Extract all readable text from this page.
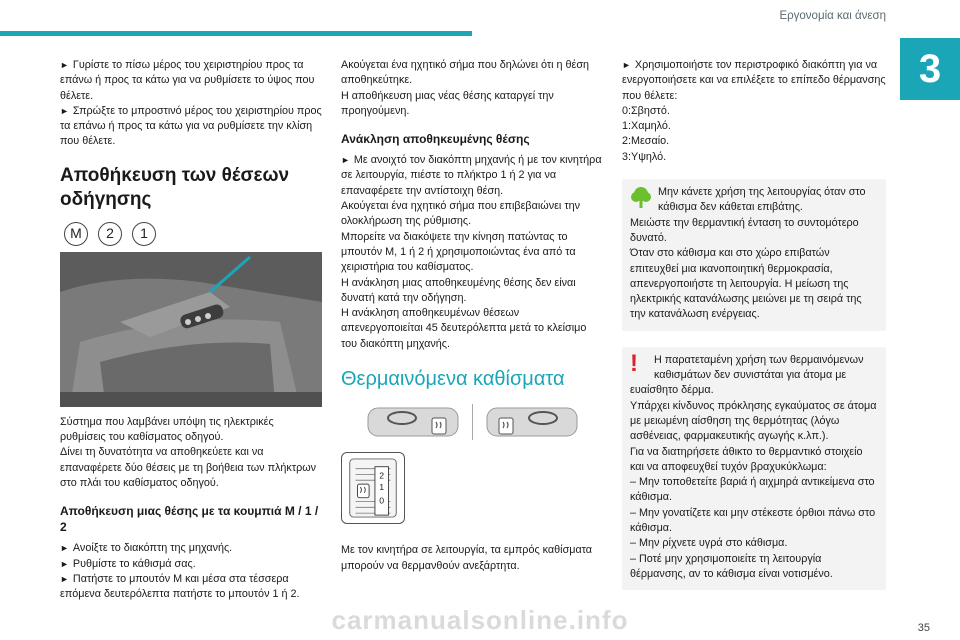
Εργονομία και άνεση
3

► Γυρίστε το πίσω μέρος του χειριστηρίου προς τα επάνω ή προς τα κάτω για να ρυθμίσετε το ύψος που θέλετε.

► Σπρώξτε το μπροστινό μέρος του χειριστηρίου προς τα επάνω ή προς τα κάτω για να ρυθμίσετε την κλίση που θέλετε.

Αποθήκευση των θέσεων οδήγησης
M	2	1

Σύστημα που λαμβάνει υπόψη τις ηλεκτρικές ρυθμίσεις του καθίσματος οδηγού.

Δίνει τη δυνατότητα να αποθηκεύετε και να επαναφέρετε δύο θέσεις με τη βοήθεια των πλήκτρων στο πλάι του καθίσματος οδηγού.

Αποθήκευση μιας θέσης με τα κουμπιά M / 1 / 2

► Ανοίξτε το διακόπτη της μηχανής.

► Ρυθμίστε το κάθισμά σας.

► Πατήστε το μπουτόν M και μέσα στα τέσσερα επόμενα δευτερόλεπτα πατήστε το μπουτόν 1 ή 2.

Ακούγεται ένα ηχητικό σήμα που δηλώνει ότι η θέση αποθηκεύτηκε.

Η αποθήκευση μιας νέας θέσης καταργεί την προηγούμενη.

Ανάκληση αποθηκευμένης θέσης

► Με ανοιχτό τον διακόπτη μηχανής ή με τον κινητήρα σε λειτουργία, πιέστε το πλήκτρο 1 ή 2 για να επαναφέρετε την αντίστοιχη θέση.

Ακούγεται ένα ηχητικό σήμα που επιβεβαιώνει την ολοκλήρωση της ρύθμισης.

Μπορείτε να διακόψετε την κίνηση πατώντας το μπουτόν M, 1 ή 2 ή χρησιμοποιώντας ένα από τα χειριστήρια του καθίσματος.

Η ανάκληση μιας αποθηκευμένης θέσης δεν είναι δυνατή κατά την οδήγηση.

Η ανάκληση αποθηκευμένων θέσεων απενεργοποιείται 45 δευτερόλεπτα μετά το κλείσιμο του διακόπτη μηχανής.

Θερμαινόμενα καθίσματα
2
1
0

Με τον κινητήρα σε λειτουργία, τα εμπρός καθίσματα μπορούν να θερμανθούν ανεξάρτητα.

► Χρησιμοποιήστε τον περιστροφικό διακόπτη για να ενεργοποιήσετε και να επιλέξετε το επίπεδο θέρμανσης που θέλετε:

0:Σβηστό.

1:Χαμηλό.

2:Μεσαίο.

3:Υψηλό.

Μην κάνετε χρήση της λειτουργίας όταν στο κάθισμα δεν κάθεται επιβάτης.

Μειώστε την θερμαντική ένταση το συντομότερο δυνατό.

Όταν στο κάθισμα και στο χώρο επιβατών επιτευχθεί μια ικανοποιητική θερμοκρασία, απενεργοποιήστε τη λειτουργία. Η μείωση της ηλεκτρικής κατανάλωσης μειώνει με τη σειρά της την κατανάλωση ενέργειας.

!	Η παρατεταμένη χρήση των θερμαινόμενων καθισμάτων δεν συνιστάται για άτομα με ευαίσθητο δέρμα.

Υπάρχει κίνδυνος πρόκλησης εγκαύματος σε άτομα με μειωμένη αίσθηση της θερμότητας (λόγω ασθένειας, φαρμακευτικής αγωγής κ.λπ.).

Για να διατηρήσετε άθικτο το θερμαντικό στοιχείο και να αποφευχθεί τυχόν βραχυκύκλωμα:

– Μην τοποθετείτε βαριά ή αιχμηρά αντικείμενα στο κάθισμα.

– Μην γονατίζετε και μην στέκεστε όρθιοι πάνω στο κάθισμα.

– Μην ρίχνετε υγρά στο κάθισμα.

– Ποτέ μην χρησιμοποιείτε τη λειτουργία θέρμανσης, αν το κάθισμα είναι νοτισμένο.

35
carmanualsonline.info
